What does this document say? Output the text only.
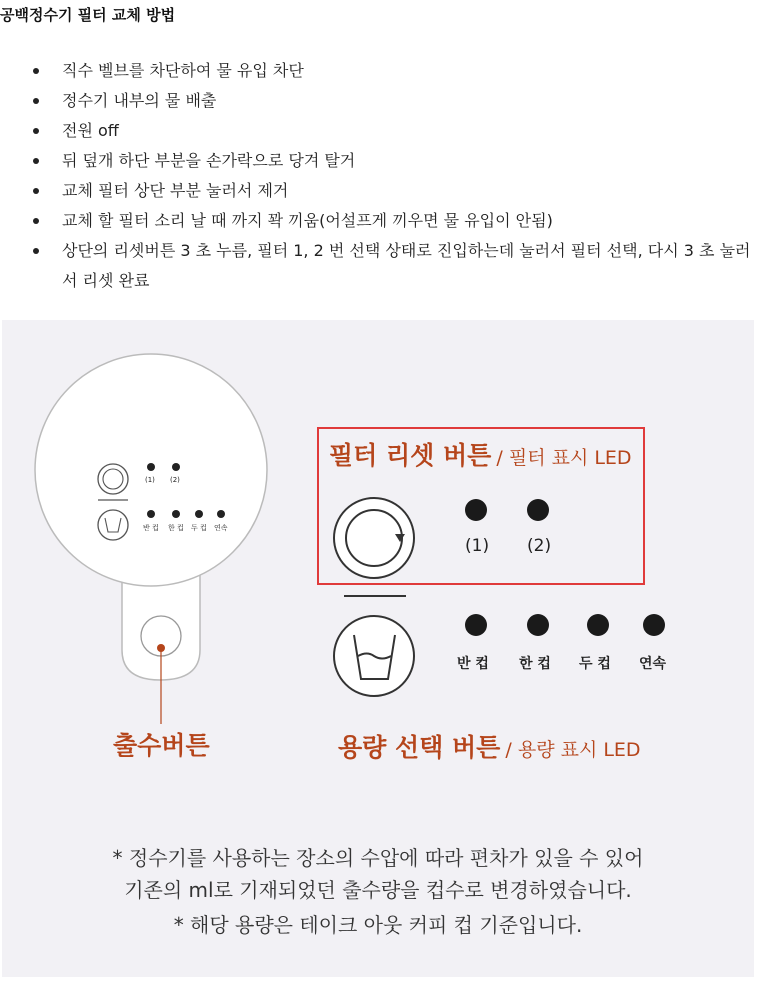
공백정수기 필터 교체 방법
직수 벨브를 차단하여 물 유입 차단
정수기 내부의 물 배출
전원 off
뒤 덮개 하단 부분을 손가락으로 당겨 탈거
교체 필터 상단 부분 눌러서 제거
교체 할 필터 소리 날 때 까지 꽉 끼움(어설프게 끼우면 물 유입이 안됨)
상단의 리셋버튼 3 초 누름, 필터 1, 2 번 선택 상태로 진입하는데 눌러서 필터 선택, 다시 3 초 눌러서 리셋 완료
(1) (2)
반 컵 한 컵 두 컵 연속
필터 리셋 버튼 / 필터 표시 LED
(1) (2)
반 컵 한 컵 두 컵 연속
출수버튼	용량 선택 버튼 / 용량 표시 LED
* 정수기를 사용하는 장소의 수압에 따라 편차가 있을 수 있어
기존의 ml로 기재되었던 출수량을 컵수로 변경하였습니다.
* 해당 용량은 테이크 아웃 커피 컵 기준입니다.
